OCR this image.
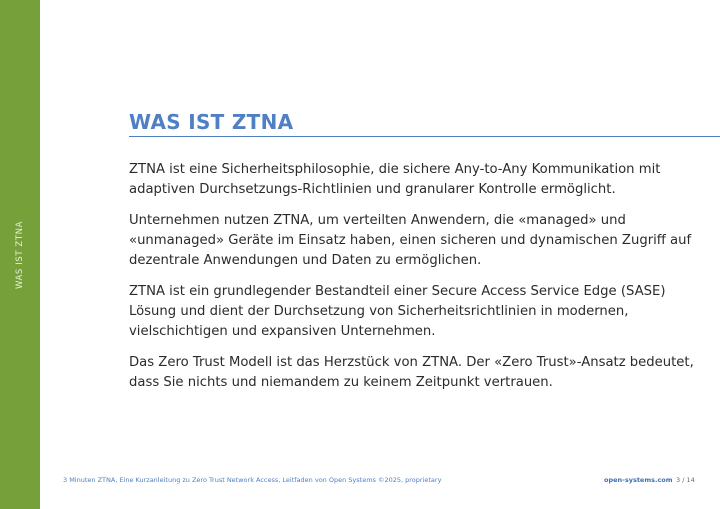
WAS IST ZTNA
WAS IST ZTNA

ZTNA ist eine Sicherheitsphilosophie, die sichere Any-to-Any Kommunikation mit adaptiven Durchsetzungs-Richtlinien und granularer Kontrolle ermöglicht.

Unternehmen nutzen ZTNA, um verteilten Anwendern, die «managed» und «unmanaged» Geräte im Einsatz haben, einen sicheren und dynamischen Zugriff auf dezentrale Anwendungen und Daten zu ermöglichen.

ZTNA ist ein grundlegender Bestandteil einer Secure Access Service Edge (SASE) Lösung und dient der Durchsetzung von Sicherheitsrichtlinien in modernen, vielschichtigen und expansiven Unternehmen.

Das Zero Trust Modell ist das Herzstück von ZTNA. Der «Zero Trust»-Ansatz bedeutet, dass Sie nichts und niemandem zu keinem Zeitpunkt vertrauen.

3 Minuten ZTNA, Eine Kurzanleitung zu Zero Trust Network Access, Leitfaden von Open Systems ©2025, proprietary	open-systems.com 3 / 14
